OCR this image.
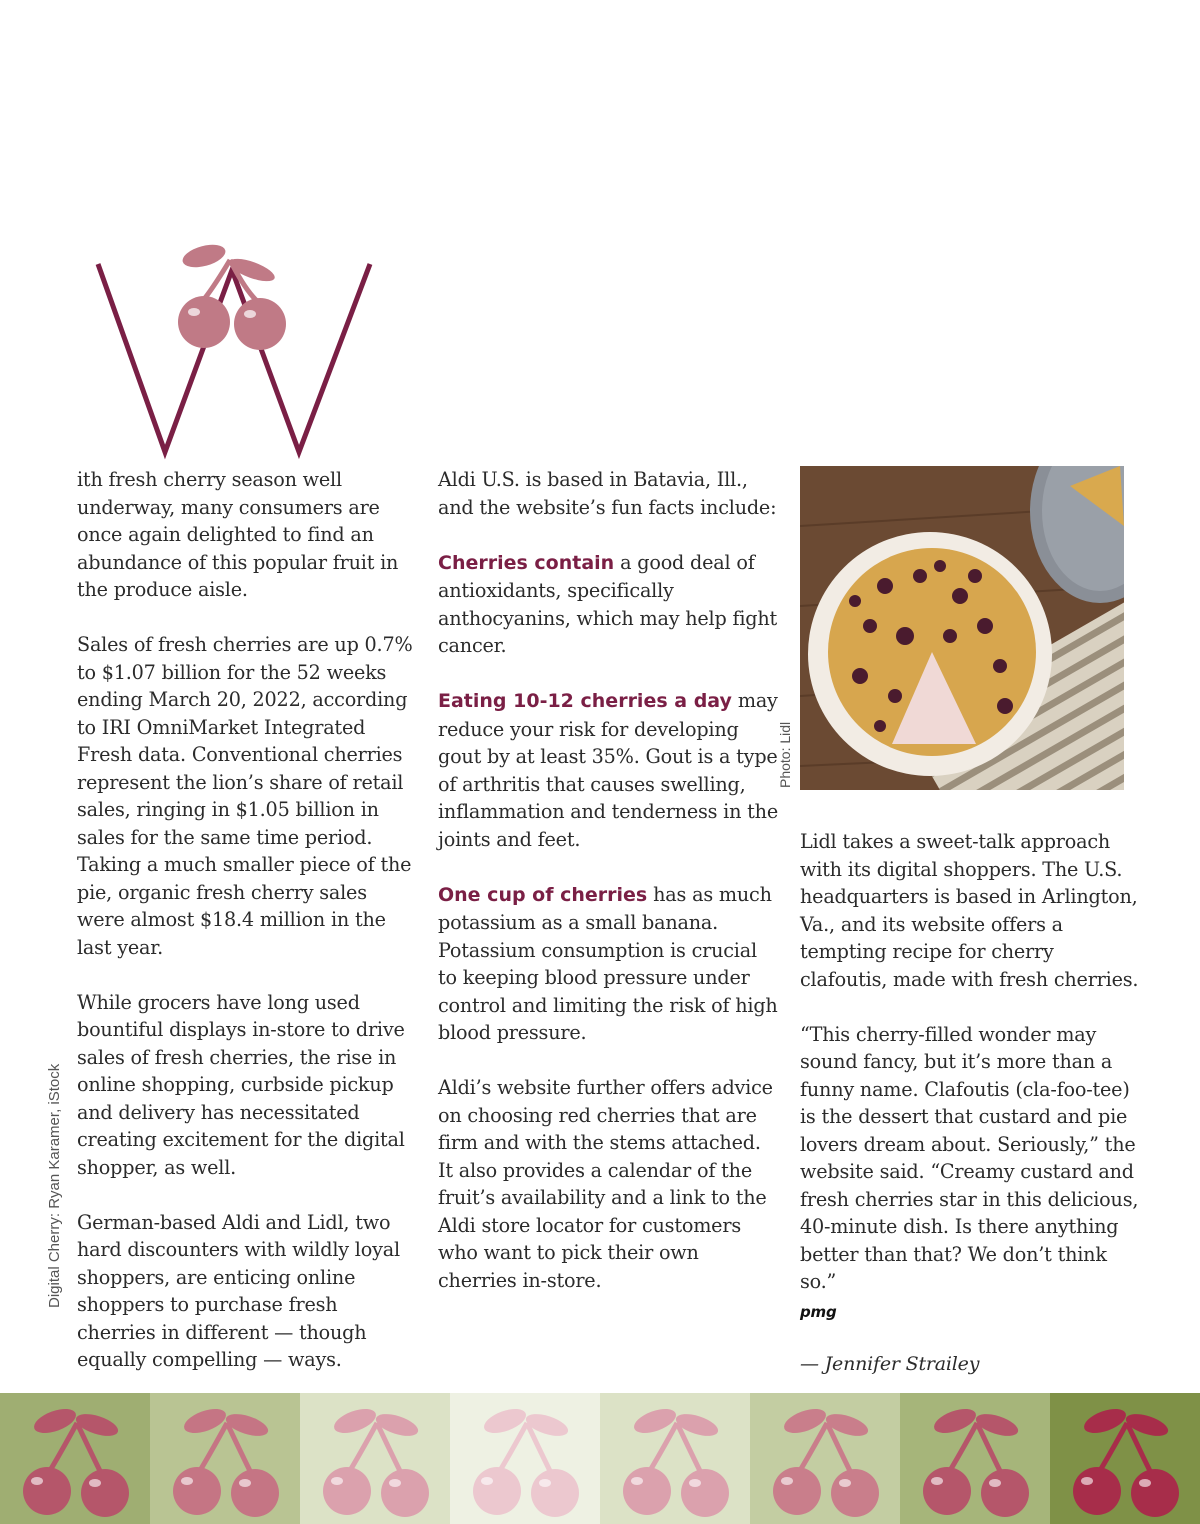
ith fresh cherry season well underway, many consumers are once again delighted to find an abundance of this popular fruit in the produce aisle.

Sales of fresh cherries are up 0.7% to $1.07 billion for the 52 weeks ending March 20, 2022, according to IRI OmniMarket Integrated Fresh data. Conventional cherries represent the lion’s share of retail sales, ringing in $1.05 billion in sales for the same time period. Taking a much smaller piece of the pie, organic fresh cherry sales were almost $18.4 million in the last year.

While grocers have long used bountiful displays in-store to drive sales of fresh cherries, the rise in online shopping, curbside pickup and delivery has necessitated creating excitement for the digital shopper, as well.

German-based Aldi and Lidl, two hard discounters with wildly loyal shoppers, are enticing online shoppers to purchase fresh cherries in different — though equally compelling — ways.

Aldi U.S. is based in Batavia, Ill., and the website’s fun facts include:

Cherries contain a good deal of antioxidants, specifically anthocyanins, which may help fight cancer.

Eating 10-12 cherries a day may reduce your risk for developing gout by at least 35%. Gout is a type of arthritis that causes swelling, inflammation and tenderness in the joints and feet.

One cup of cherries has as much potassium as a small banana. Potassium consumption is crucial to keeping blood pressure under control and limiting the risk of high blood pressure.

Aldi’s website further offers advice on choosing red cherries that are firm and with the stems attached. It also provides a calendar of the fruit’s availability and a link to the Aldi store locator for customers who want to pick their own cherries in-store.

Photo: Lidl

Lidl takes a sweet-talk approach with its digital shoppers. The U.S. headquarters is based in Arlington, Va., and its website offers a tempting recipe for cherry clafoutis, made with fresh cherries.

“This cherry-filled wonder may sound fancy, but it’s more than a funny name. Clafoutis (cla-foo-tee) is the dessert that custard and pie lovers dream about. Seriously,” the website said. “Creamy custard and fresh cherries star in this delicious, 40-minute dish. Is there anything better than that? We don’t think so.”

pmg

— Jennifer Strailey

Digital Cherry: Ryan Karamer, iStock
